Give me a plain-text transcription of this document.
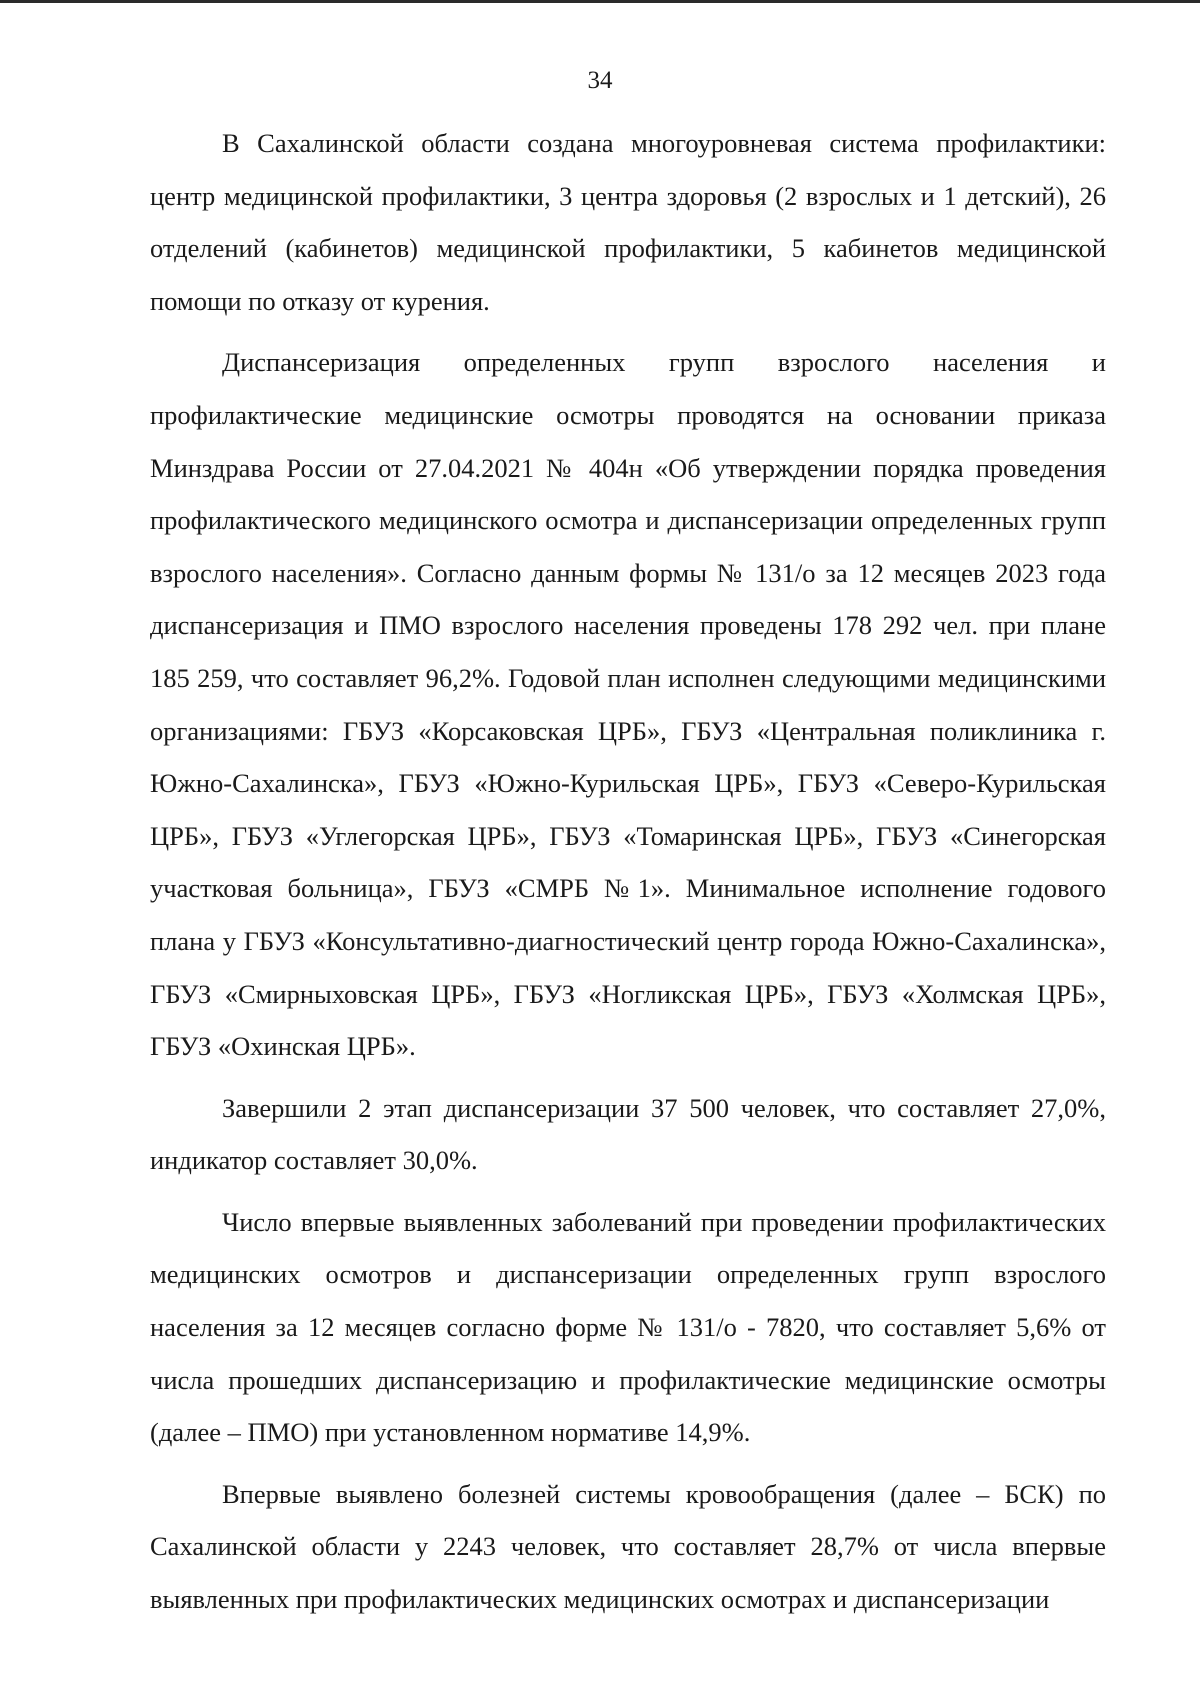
34

В Сахалинской области создана многоуровневая система профилактики: центр медицинской профилактики, 3 центра здоровья (2 взрослых и 1 детский), 26 отделений (кабинетов) медицинской профилактики, 5 кабинетов медицинской помощи по отказу от курения.

Диспансеризация определенных групп взрослого населения и профилактические медицинские осмотры проводятся на основании приказа Минздрава России от 27.04.2021 № 404н «Об утверждении порядка проведения профилактического медицинского осмотра и диспансеризации определенных групп взрослого населения». Согласно данным формы № 131/о за 12 месяцев 2023 года диспансеризация и ПМО взрослого населения проведены 178 292 чел. при плане 185 259, что составляет 96,2%. Годовой план исполнен следующими медицинскими организациями: ГБУЗ «Корсаковская ЦРБ», ГБУЗ «Центральная поликлиника г. Южно-Сахалинска», ГБУЗ «Южно-Курильская ЦРБ», ГБУЗ «Северо-Курильская ЦРБ», ГБУЗ «Углегорская ЦРБ», ГБУЗ «Томаринская ЦРБ», ГБУЗ «Синегорская участковая больница», ГБУЗ «СМРБ №1». Минимальное исполнение годового плана у ГБУЗ «Консультативно-диагностический центр города Южно-Сахалинска», ГБУЗ «Смирныховская ЦРБ», ГБУЗ «Ногликская ЦРБ», ГБУЗ «Холмская ЦРБ», ГБУЗ «Охинская ЦРБ».

Завершили 2 этап диспансеризации 37 500 человек, что составляет 27,0%, индикатор составляет 30,0%.

Число впервые выявленных заболеваний при проведении профилактических медицинских осмотров и диспансеризации определенных групп взрослого населения за 12 месяцев согласно форме № 131/о - 7820, что составляет 5,6% от числа прошедших диспансеризацию и профилактические медицинские осмотры (далее – ПМО) при установленном нормативе 14,9%.

Впервые выявлено болезней системы кровообращения (далее – БСК) по Сахалинской области у 2243 человек, что составляет 28,7% от числа впервые выявленных при профилактических медицинских осмотрах и диспансеризации
